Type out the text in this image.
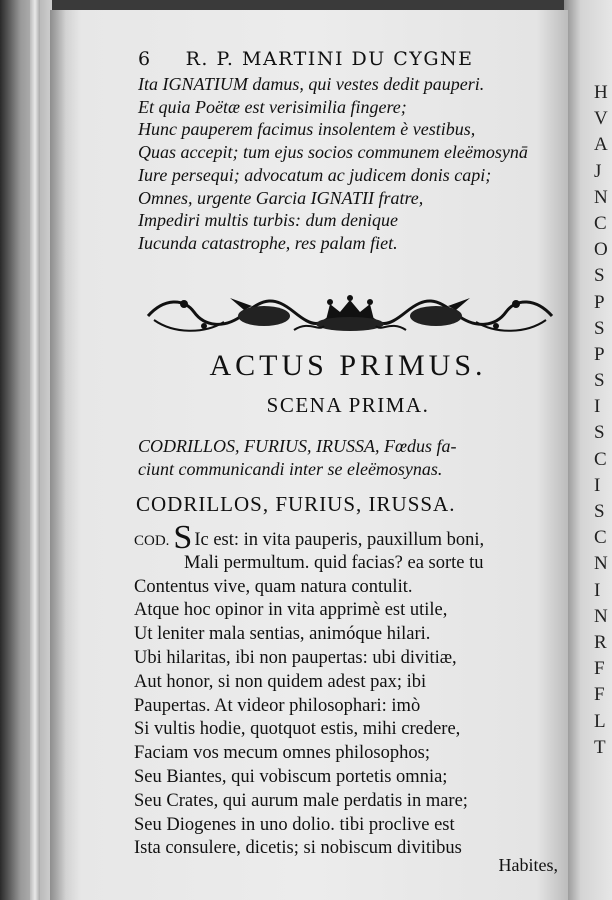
H
V
A
J
N
C
O
S
P
S
P
S
I
S
C
I
S
C
N
I
N
R
F
F
L
T
6 R. P. MARTINI DU CYGNE
Ita IGNATIUM damus, qui vestes dedit pauperi.
Et quia Poëtæ est verisimilia fingere;
Hunc pauperem facimus insolentem è vestibus,
Quas accepit; tum ejus socios communem eleëmosynā
Iure persequi; advocatum ac judicem donis capi;
Omnes, urgente Garcia IGNATII fratre,
Impediri multis turbis: dum denique
Iucunda catastrophe, res palam fiet.
ACTUS PRIMUS.
SCENA PRIMA.
CODRILLOS, FURIUS, IRUSSA, Fœdus fa-
ciunt communicandi inter se eleëmosynas.
CODRILLOS, FURIUS, IRUSSA.
COD. S Ic est: in vita pauperis, pauxillum boni,
Mali permultum. quid facias? ea sorte tu
Contentus vive, quam natura contulit.
Atque hoc opinor in vita apprimè est utile,
Ut leniter mala sentias, animóque hilari.
Ubi hilaritas, ibi non paupertas: ubi divitiæ,
Aut honor, si non quidem adest pax; ibi
Paupertas. At videor philosophari: imò
Si vultis hodie, quotquot estis, mihi credere,
Faciam vos mecum omnes philosophos;
Seu Biantes, qui vobiscum portetis omnia;
Seu Crates, qui aurum male perdatis in mare;
Seu Diogenes in uno dolio. tibi proclive est
Ista consulere, dicetis; si nobiscum divitibus
Habites,
